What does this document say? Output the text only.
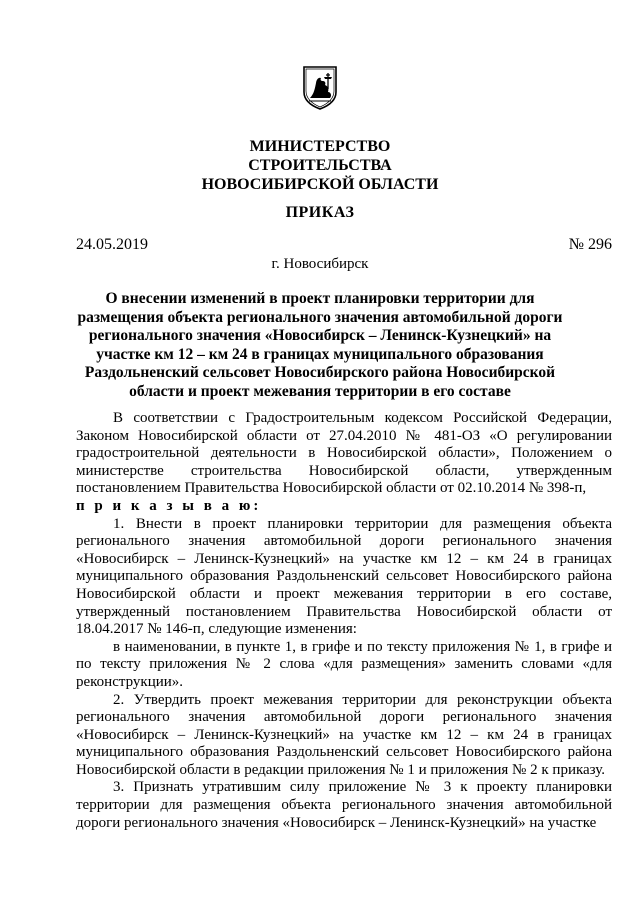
МИНИСТЕРСТВО
СТРОИТЕЛЬСТВА
НОВОСИБИРСКОЙ ОБЛАСТИ
ПРИКАЗ
24.05.2019	№ 296
г. Новосибирск
О внесении изменений в проект планировки территории для размещения объекта регионального значения автомобильной дороги регионального значения «Новосибирск – Ленинск-Кузнецкий» на участке км 12 – км 24 в границах муниципального образования Раздольненский сельсовет Новосибирского района Новосибирской области и проект межевания территории в его составе

В соответствии с Градостроительным кодексом Российской Федерации, Законом Новосибирской области от 27.04.2010 № 481-ОЗ «О регулировании градостроительной деятельности в Новосибирской области», Положением о министерстве строительства Новосибирской области, утвержденным постановлением Правительства Новосибирской области от 02.10.2014 № 398-п,

п р и к а з ы в а ю:

1. Внести в проект планировки территории для размещения объекта регионального значения автомобильной дороги регионального значения «Новосибирск – Ленинск-Кузнецкий» на участке км 12 – км 24 в границах муниципального образования Раздольненский сельсовет Новосибирского района Новосибирской области и проект межевания территории в его составе, утвержденный постановлением Правительства Новосибирской области от 18.04.2017 № 146-п, следующие изменения:

в наименовании, в пункте 1, в грифе и по тексту приложения № 1, в грифе и по тексту приложения № 2 слова «для размещения» заменить словами «для реконструкции».

2. Утвердить проект межевания территории для реконструкции объекта регионального значения автомобильной дороги регионального значения «Новосибирск – Ленинск-Кузнецкий» на участке км 12 – км 24 в границах муниципального образования Раздольненский сельсовет Новосибирского района Новосибирской области в редакции приложения № 1 и приложения № 2 к приказу.

3. Признать утратившим силу приложение № 3 к проекту планировки территории для размещения объекта регионального значения автомобильной дороги регионального значения «Новосибирск – Ленинск-Кузнецкий» на участке
